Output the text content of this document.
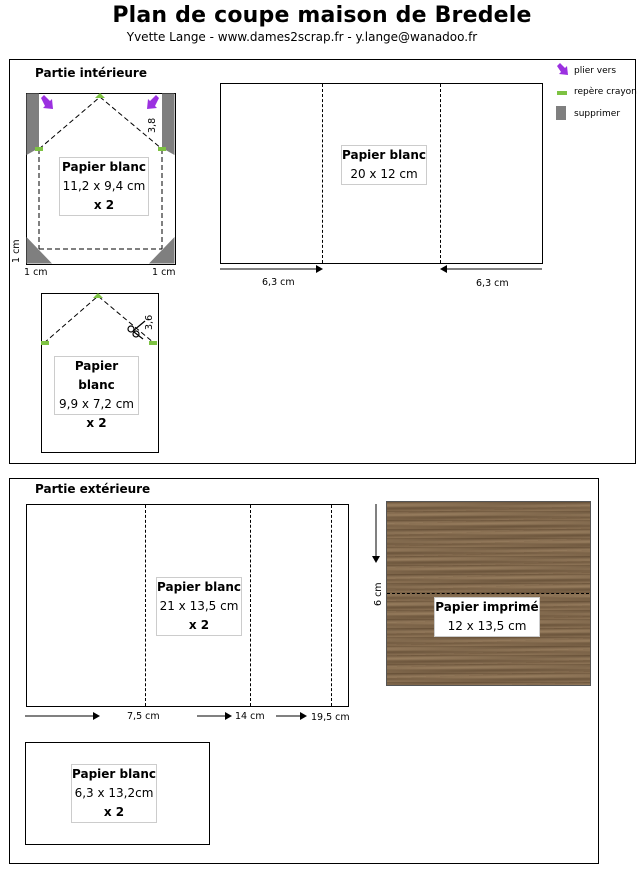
Plan de coupe maison de Bredele
Yvette Lange - www.dames2scrap.fr - y.lange@wanadoo.fr
Partie intérieure	plier vers
repère crayon
supprimer
3,8
1 cm
1 cm	1 cm
Papier blanc
11,2 x 9,4 cm
x 2
Papier blanc
20 x 12 cm
6,3 cm	6,3 cm
3,6
Papier blanc
9,9 x 7,2 cm
x 2
Partie extérieure
Papier blanc
21 x 13,5 cm
x 2
7,5 cm	14 cm	19,5 cm
6 cm
Papier imprimé
12 x 13,5 cm
Papier blanc
6,3 x 13,2cm
x 2
